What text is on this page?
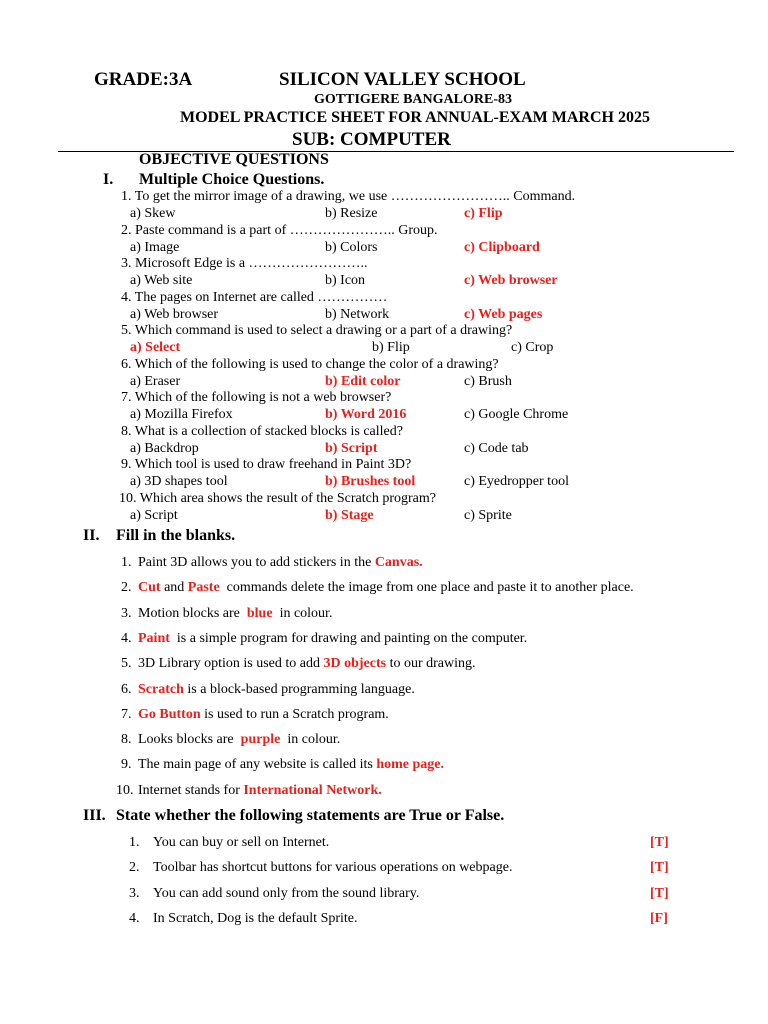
GRADE:3A	SILICON VALLEY SCHOOL
GOTTIGERE BANGALORE-83
MODEL PRACTICE SHEET FOR ANNUAL-EXAM MARCH 2025
SUB: COMPUTER
OBJECTIVE QUESTIONS
I. Multiple Choice Questions.
1. To get the mirror image of a drawing, we use …………………….. Command.
a) Skew	b) Resize	c) Flip
2. Paste command is a part of ………………….. Group.
a) Image	b) Colors	c) Clipboard
3. Microsoft Edge is a ……………………..
a) Web site	b) Icon	c) Web browser
4. The pages on Internet are called ……………
a) Web browser	b) Network	c) Web pages
5. Which command is used to select a drawing or a part of a drawing?
a) Select	b) Flip	c) Crop
6. Which of the following is used to change the color of a drawing?
a) Eraser	b) Edit color	c) Brush
7. Which of the following is not a web browser?
a) Mozilla Firefox	b) Word 2016	c) Google Chrome
8. What is a collection of stacked blocks is called?
a) Backdrop	b) Script	c) Code tab
9. Which tool is used to draw freehand in Paint 3D?
a) 3D shapes tool	b) Brushes tool	c) Eyedropper tool
10. Which area shows the result of the Scratch program?
a) Script	b) Stage	c) Sprite
II. Fill in the blanks.
1. Paint 3D allows you to add stickers in the Canvas.
2. Cut and Paste  commands delete the image from one place and paste it to another place.
3. Motion blocks are  blue  in colour.
4. Paint  is a simple program for drawing and painting on the computer.
5. 3D Library option is used to add 3D objects to our drawing.
6. Scratch is a block-based programming language.
7. Go Button is used to run a Scratch program.
8. Looks blocks are  purple  in colour.
9. The main page of any website is called its home page.
10. Internet stands for International Network.
III. State whether the following statements are True or False.
1. You can buy or sell on Internet.	[T]
2. Toolbar has shortcut buttons for various operations on webpage.	[T]
3. You can add sound only from the sound library.	[T]
4. In Scratch, Dog is the default Sprite.	[F]
